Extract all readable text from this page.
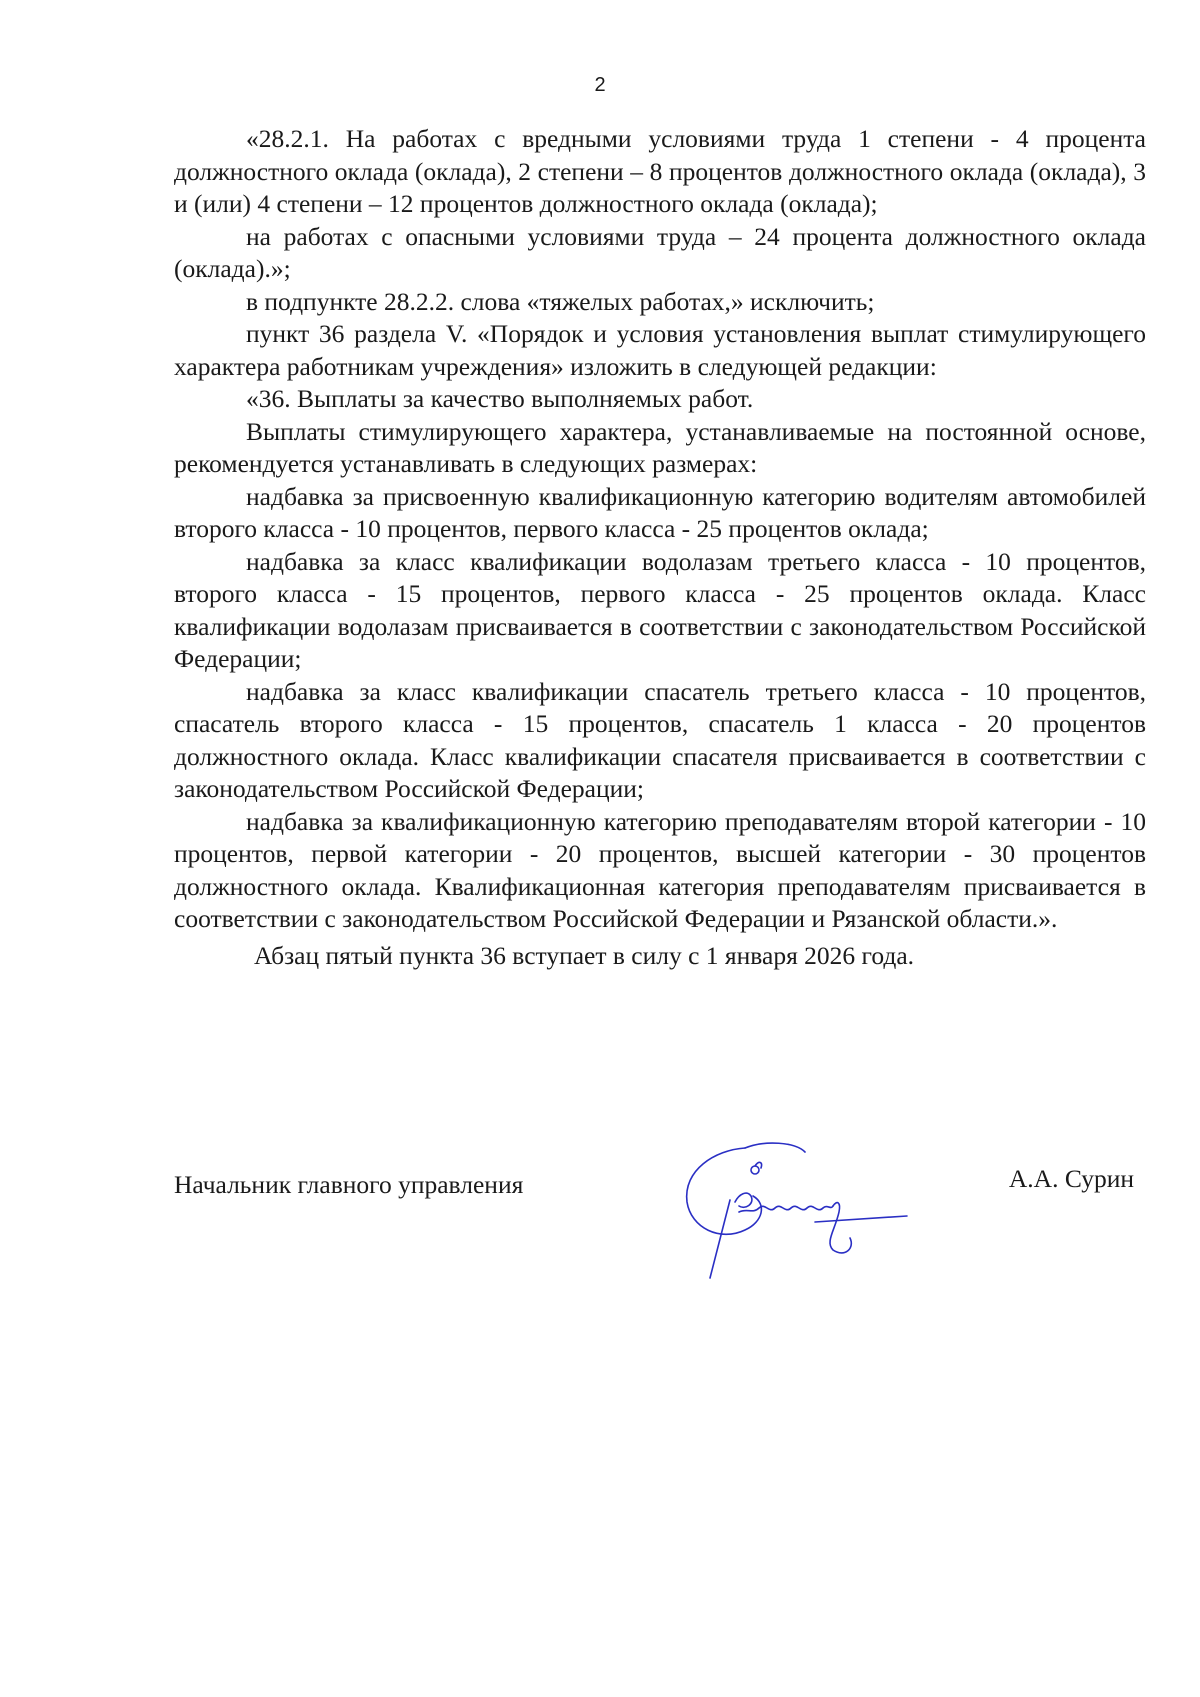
2

«28.2.1. На работах с вредными условиями труда 1 степени - 4 процента должностного оклада (оклада), 2 степени – 8 процентов должностного оклада (оклада), 3 и (или) 4 степени – 12 процентов должностного оклада (оклада);

на работах с опасными условиями труда – 24 процента должностного оклада (оклада).»;

в подпункте 28.2.2. слова «тяжелых работах,» исключить;

пункт 36 раздела V. «Порядок и условия установления выплат стимулирующего характера работникам учреждения» изложить в следующей редакции:

«36. Выплаты за качество выполняемых работ.

Выплаты стимулирующего характера, устанавливаемые на постоянной основе, рекомендуется устанавливать в следующих размерах:

надбавка за присвоенную квалификационную категорию водителям автомобилей второго класса - 10 процентов, первого класса - 25 процентов оклада;

надбавка за класс квалификации водолазам третьего класса - 10 процентов, второго класса - 15 процентов, первого класса - 25 процентов оклада. Класс квалификации водолазам присваивается в соответствии с законодательством Российской Федерации;

надбавка за класс квалификации спасатель третьего класса - 10 процентов, спасатель второго класса - 15 процентов, спасатель 1 класса - 20 процентов должностного оклада. Класс квалификации спасателя присваивается в соответствии с законодательством Российской Федерации;

надбавка за квалификационную категорию преподавателям второй категории - 10 процентов, первой категории - 20 процентов, высшей категории - 30 процентов должностного оклада. Квалификационная категория преподавателям присваивается в соответствии с законодательством Российской Федерации и Рязанской области.».

Абзац пятый пункта 36 вступает в силу с 1 января 2026 года.

Начальник главного управления	А.А. Сурин
